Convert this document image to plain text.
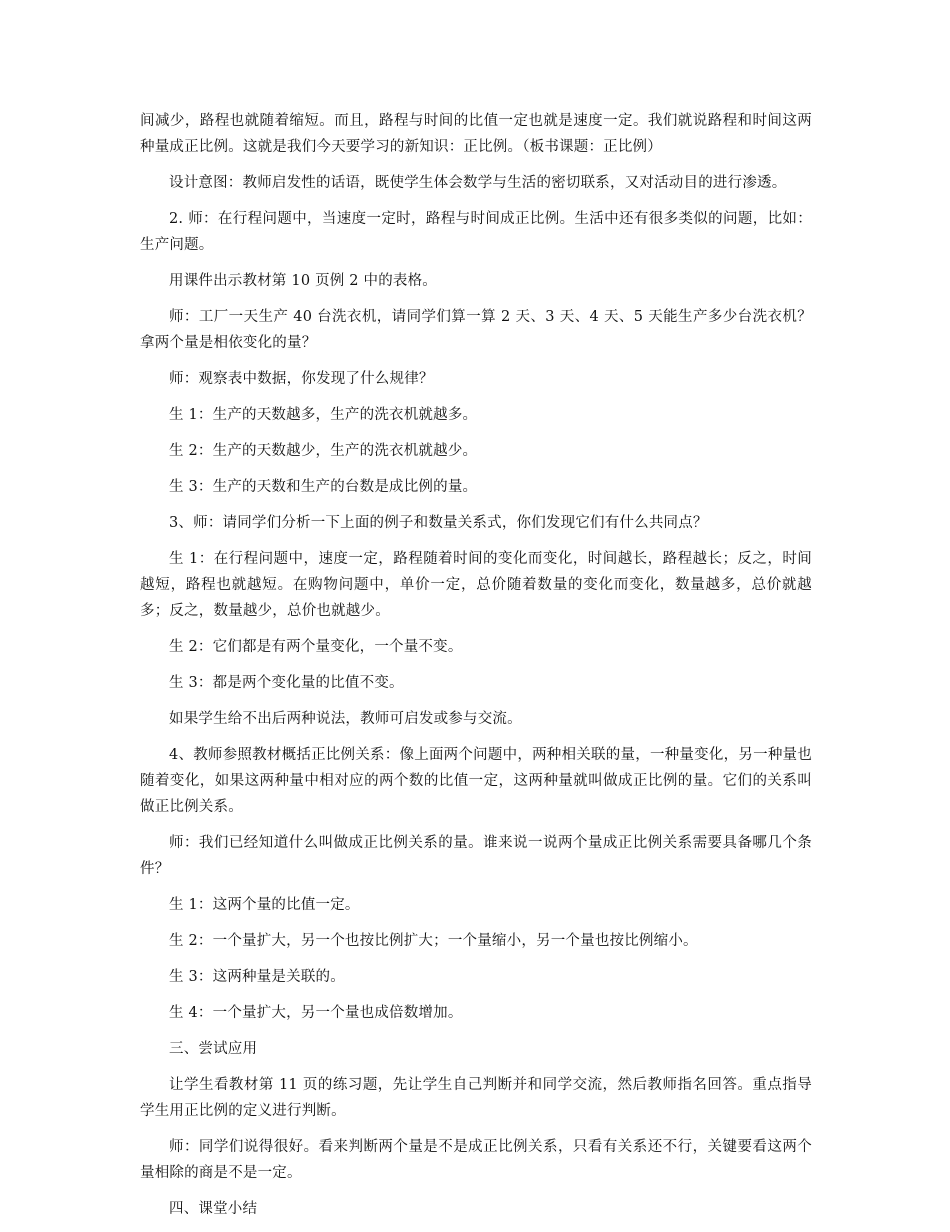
间减少，路程也就随着缩短。而且，路程与时间的比值一定也就是速度一定。我们就说路程和时间这两种量成正比例。这就是我们今天要学习的新知识：正比例。（板书课题：正比例）

设计意图：教师启发性的话语，既使学生体会数学与生活的密切联系，又对活动目的进行渗透。

2. 师：在行程问题中，当速度一定时，路程与时间成正比例。生活中还有很多类似的问题，比如：生产问题。

用课件出示教材第 10 页例 2 中的表格。

师：工厂一天生产 40 台洗衣机，请同学们算一算 2 天、3 天、4 天、5 天能生产多少台洗衣机？拿两个量是相依变化的量？

师：观察表中数据，你发现了什么规律？

生 1：生产的天数越多，生产的洗衣机就越多。

生 2：生产的天数越少，生产的洗衣机就越少。

生 3：生产的天数和生产的台数是成比例的量。

3、师：请同学们分析一下上面的例子和数量关系式，你们发现它们有什么共同点？

生 1：在行程问题中，速度一定，路程随着时间的变化而变化，时间越长，路程越长；反之，时间越短，路程也就越短。在购物问题中，单价一定，总价随着数量的变化而变化，数量越多，总价就越多；反之，数量越少，总价也就越少。

生 2：它们都是有两个量变化，一个量不变。

生 3：都是两个变化量的比值不变。

如果学生给不出后两种说法，教师可启发或参与交流。

4、教师参照教材概括正比例关系：像上面两个问题中，两种相关联的量，一种量变化，另一种量也随着变化，如果这两种量中相对应的两个数的比值一定，这两种量就叫做成正比例的量。它们的关系叫做正比例关系。

师：我们已经知道什么叫做成正比例关系的量。谁来说一说两个量成正比例关系需要具备哪几个条件？

生 1：这两个量的比值一定。

生 2：一个量扩大，另一个也按比例扩大；一个量缩小，另一个量也按比例缩小。

生 3：这两种量是关联的。

生 4：一个量扩大，另一个量也成倍数增加。

三、尝试应用

让学生看教材第 11 页的练习题，先让学生自己判断并和同学交流，然后教师指名回答。重点指导学生用正比例的定义进行判断。

师：同学们说得很好。看来判断两个量是不是成正比例关系，只看有关系还不行，关键要看这两个量相除的商是不是一定。

四、课堂小结
